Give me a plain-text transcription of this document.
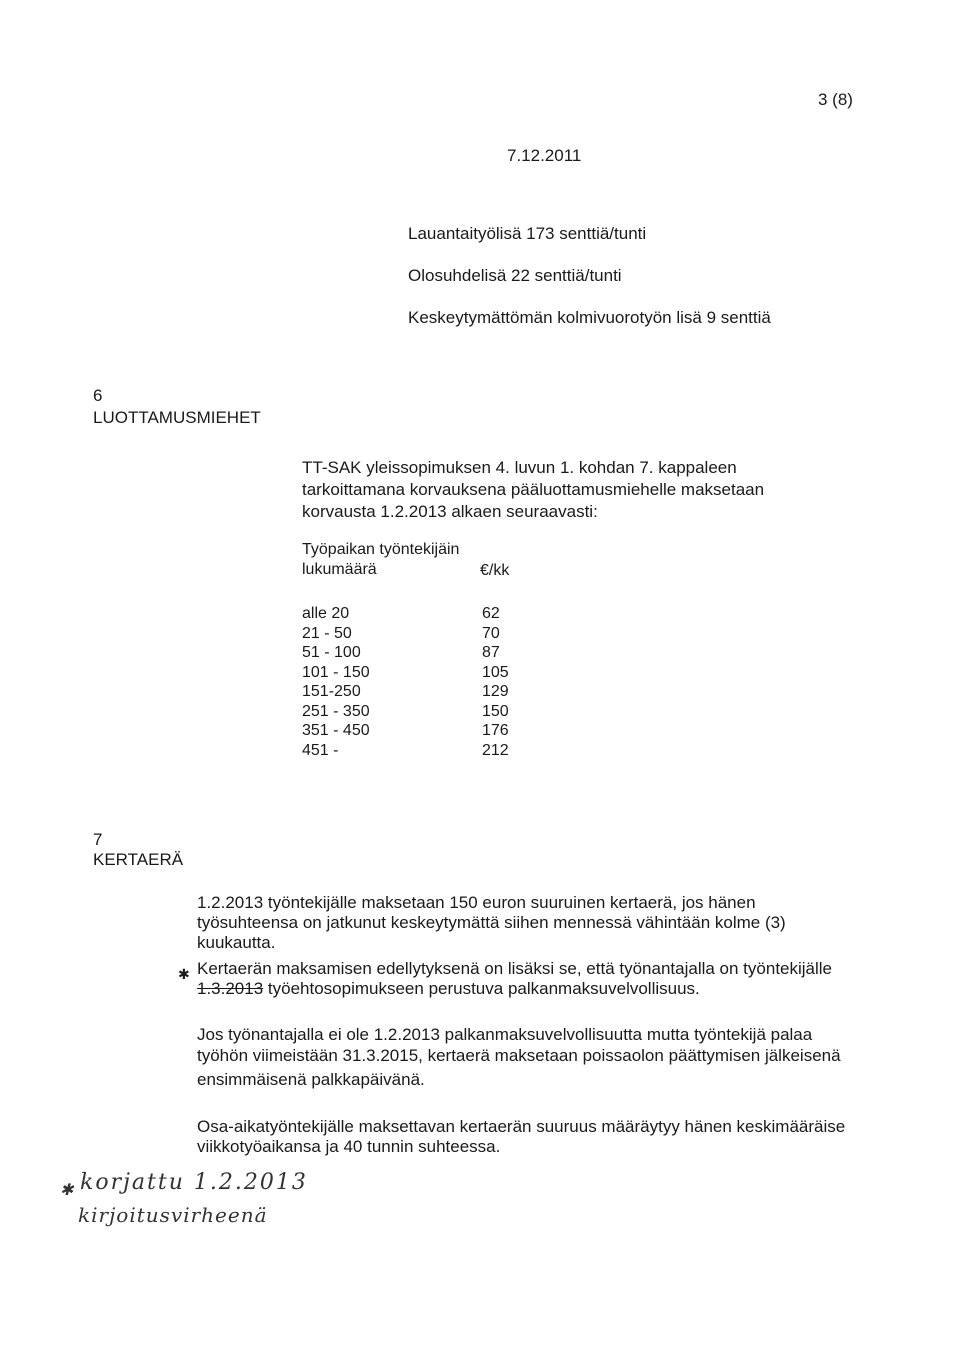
3 (8)
7.12.2011
Lauantaityölisä 173 senttiä/tunti
Olosuhdelisä 22 senttiä/tunti
Keskeytymättömän kolmivuorotyön lisä 9 senttiä
6
LUOTTAMUSMIEHET
TT-SAK yleissopimuksen 4. luvun 1. kohdan 7. kappaleen
tarkoittamana korvauksena pääluottamusmiehelle maksetaan
korvausta 1.2.2013 alkaen seuraavasti:
Työpaikan työntekijäin
lukumäärä	€/kk
alle 20	62
21 - 50	70
51 - 100	87
101 - 150	105
151-250	129
251 - 350	150
351 - 450	176
451 -	212
7
KERTAERÄ
1.2.2013 työntekijälle maksetaan 150 euron suuruinen kertaerä, jos hänen
työsuhteensa on jatkunut keskeytymättä siihen mennessä vähintään kolme (3)
kuukautta.
✱ Kertaerän maksamisen edellytyksenä on lisäksi se, että työnantajalla on työntekijälle
1.3.2013 työehtosopimukseen perustuva palkanmaksuvelvollisuus.
Jos työnantajalla ei ole 1.2.2013 palkanmaksuvelvollisuutta mutta työntekijä palaa
työhön viimeistään 31.3.2015, kertaerä maksetaan poissaolon päättymisen jälkeisenä
ensimmäisenä palkkapäivänä.
Osa-aikatyöntekijälle maksettavan kertaerän suuruus määräytyy hänen keskimääräise
viikkotyöaikansa ja 40 tunnin suhteessa.
✱ korjattu 1.2.2013
kirjoitusvirheenä
